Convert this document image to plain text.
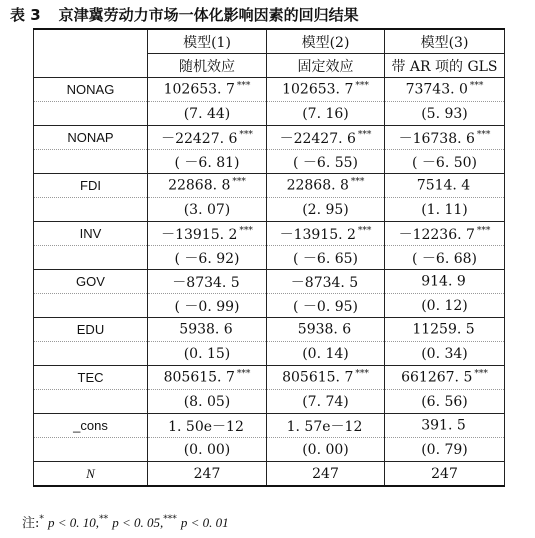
表 3 京津冀劳动力市场一体化影响因素的回归结果
	模型(1)	模型(2)	模型(3)
	随机效应	固定效应	带 AR 项的 GLS
NONAG	102653. 7 ***	102653. 7 ***	73743. 0 ***
	(7. 44)	(7. 16)	(5. 93)
NONAP	－22427. 6 ***	－22427. 6 ***	－16738. 6 ***
	( －6. 81)	( －6. 55)	( －6. 50)
FDI	22868. 8 ***	22868. 8 ***	7514. 4
	(3. 07)	(2. 95)	(1. 11)
INV	－13915. 2 ***	－13915. 2 ***	－12236. 7 ***
	( －6. 92)	( －6. 65)	( －6. 68)
GOV	－8734. 5	－8734. 5	914. 9
	( －0. 99)	( －0. 95)	(0. 12)
EDU	5938. 6	5938. 6	11259. 5
	(0. 15)	(0. 14)	(0. 34)
TEC	805615. 7 ***	805615. 7 ***	661267. 5 ***
	(8. 05)	(7. 74)	(6. 56)
_cons	1. 50e－12	1. 57e－12	391. 5
	(0. 00)	(0. 00)	(0. 79)
N	247	247	247
注:* p < 0. 10,** p < 0. 05,*** p < 0. 01
